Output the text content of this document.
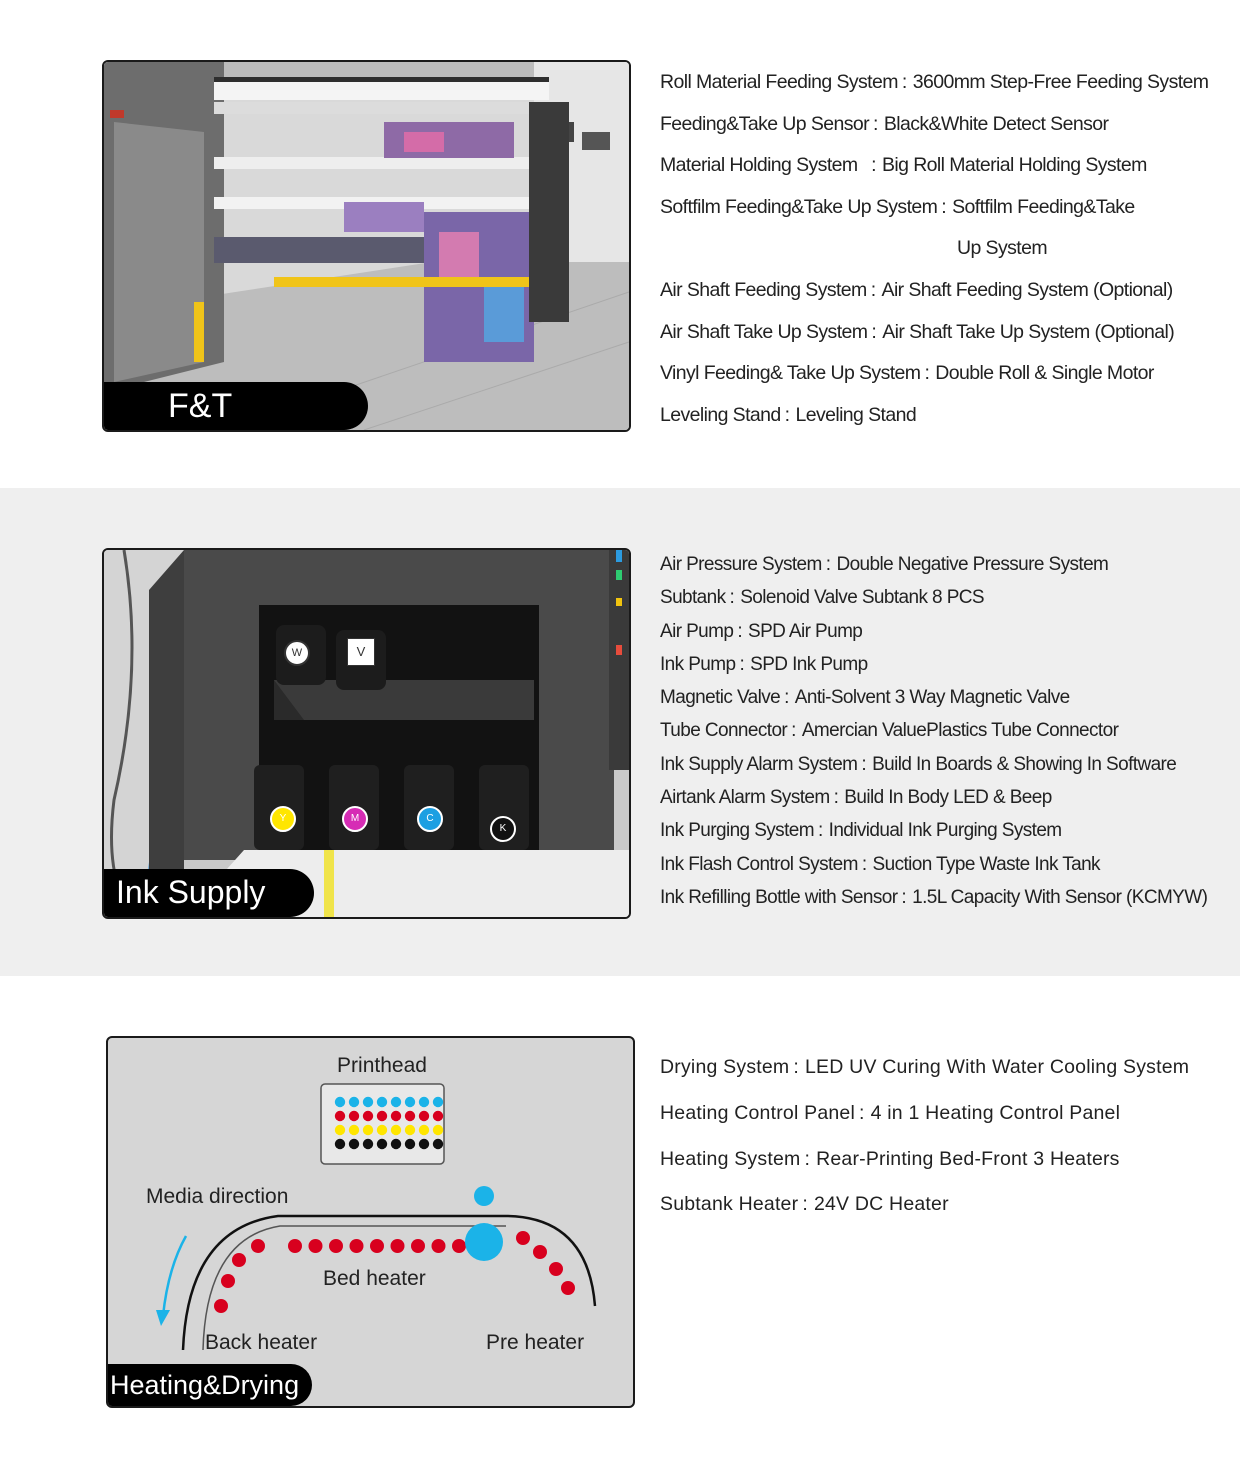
F&T
Roll Material Feeding System : 3600mm Step-Free Feeding System
Feeding&Take Up Sensor : Black&White Detect Sensor
Material Holding System  : Big Roll Material Holding System
Softfilm Feeding&Take Up System : Softfilm Feeding&Take
Up System
Air Shaft Feeding System : Air Shaft Feeding System (Optional)
Air Shaft Take Up System : Air Shaft Take Up System (Optional)
Vinyl Feeding& Take Up System : Double Roll & Single Motor
Leveling Stand : Leveling Stand
W	V
Y	M	C
K
Ink Supply
Air Pressure System : Double Negative Pressure System
Subtank : Solenoid Valve Subtank 8 PCS
Air Pump : SPD Air Pump
Ink Pump : SPD Ink Pump
Magnetic Valve : Anti-Solvent 3 Way Magnetic Valve
Tube Connector : Amercian ValuePlastics Tube Connector
Ink Supply Alarm System : Build In Boards & Showing In Software
Airtank Alarm System : Build In Body LED & Beep
Ink Purging System : Individual Ink Purging System
Ink Flash Control System : Suction Type Waste Ink Tank
Ink Refilling Bottle with Sensor : 1.5L Capacity With Sensor (KCMYW)
Printhead
Media direction
Bed heater
Back heater	Pre heater
Heating&Drying
Drying System : LED UV Curing With Water Cooling System
Heating Control Panel : 4 in 1 Heating Control Panel
Heating System : Rear-Printing Bed-Front 3 Heaters
Subtank Heater : 24V DC Heater
